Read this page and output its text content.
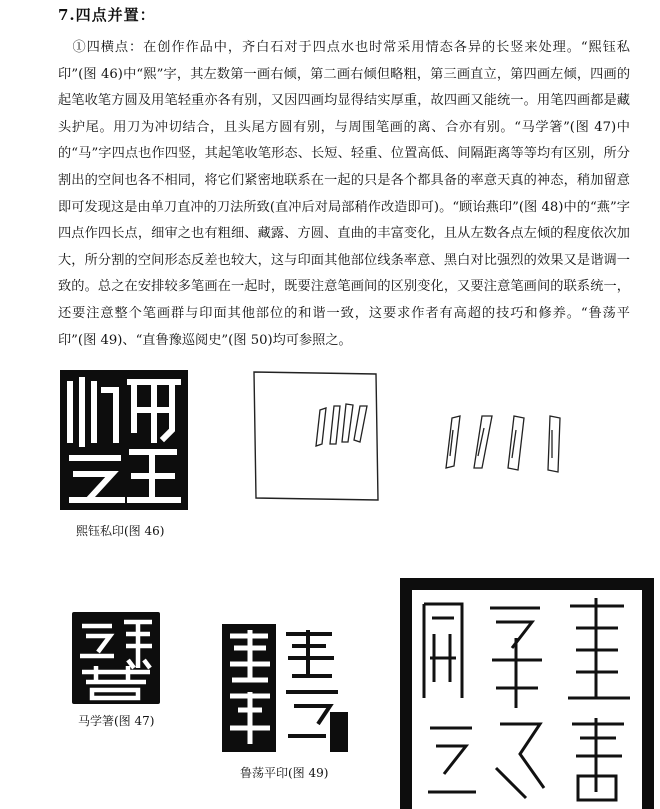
7.四点并置：

①四横点：在创作作品中，齐白石对于四点水也时常采用情态各异的长竖来处理。“熙钰私印”(图 46)中“熙”字，其左数第一画右倾，第二画右倾但略粗，第三画直立，第四画左倾，四画的起笔收笔方圆及用笔轻重亦各有别，又因四画均显得结实厚重，故四画又能统一。用笔四画都是藏头护尾。用刀为冲切结合，且头尾方圆有别，与周围笔画的离、合亦有别。“马学箸”(图 47)中的“马”字四点也作四竖，其起笔收笔形态、长短、轻重、位置高低、间隔距离等等均有区别，所分割出的空间也各不相同，将它们紧密地联系在一起的只是各个都具备的率意天真的神态，稍加留意即可发现这是由单刀直冲的刀法所致(直冲后对局部稍作改造即可)。“顾诒燕印”(图 48)中的“燕”字四点作四长点，细审之也有粗细、藏露、方圆、直曲的丰富变化，且从左数各点左倾的程度依次加大，所分割的空间形态反差也较大，这与印面其他部位线条率意、黑白对比强烈的效果又是谐调一致的。总之在安排较多笔画在一起时，既要注意笔画间的区别变化，又要注意笔画间的联系统一，还要注意整个笔画群与印面其他部位的和谐一致，这要求作者有高超的技巧和修养。“鲁荡平印”(图 49)、“直鲁豫巡阅史”(图 50)均可参照之。

熙钰私印(图 46)
马学箸(图 47)
鲁荡平印(图 49)
